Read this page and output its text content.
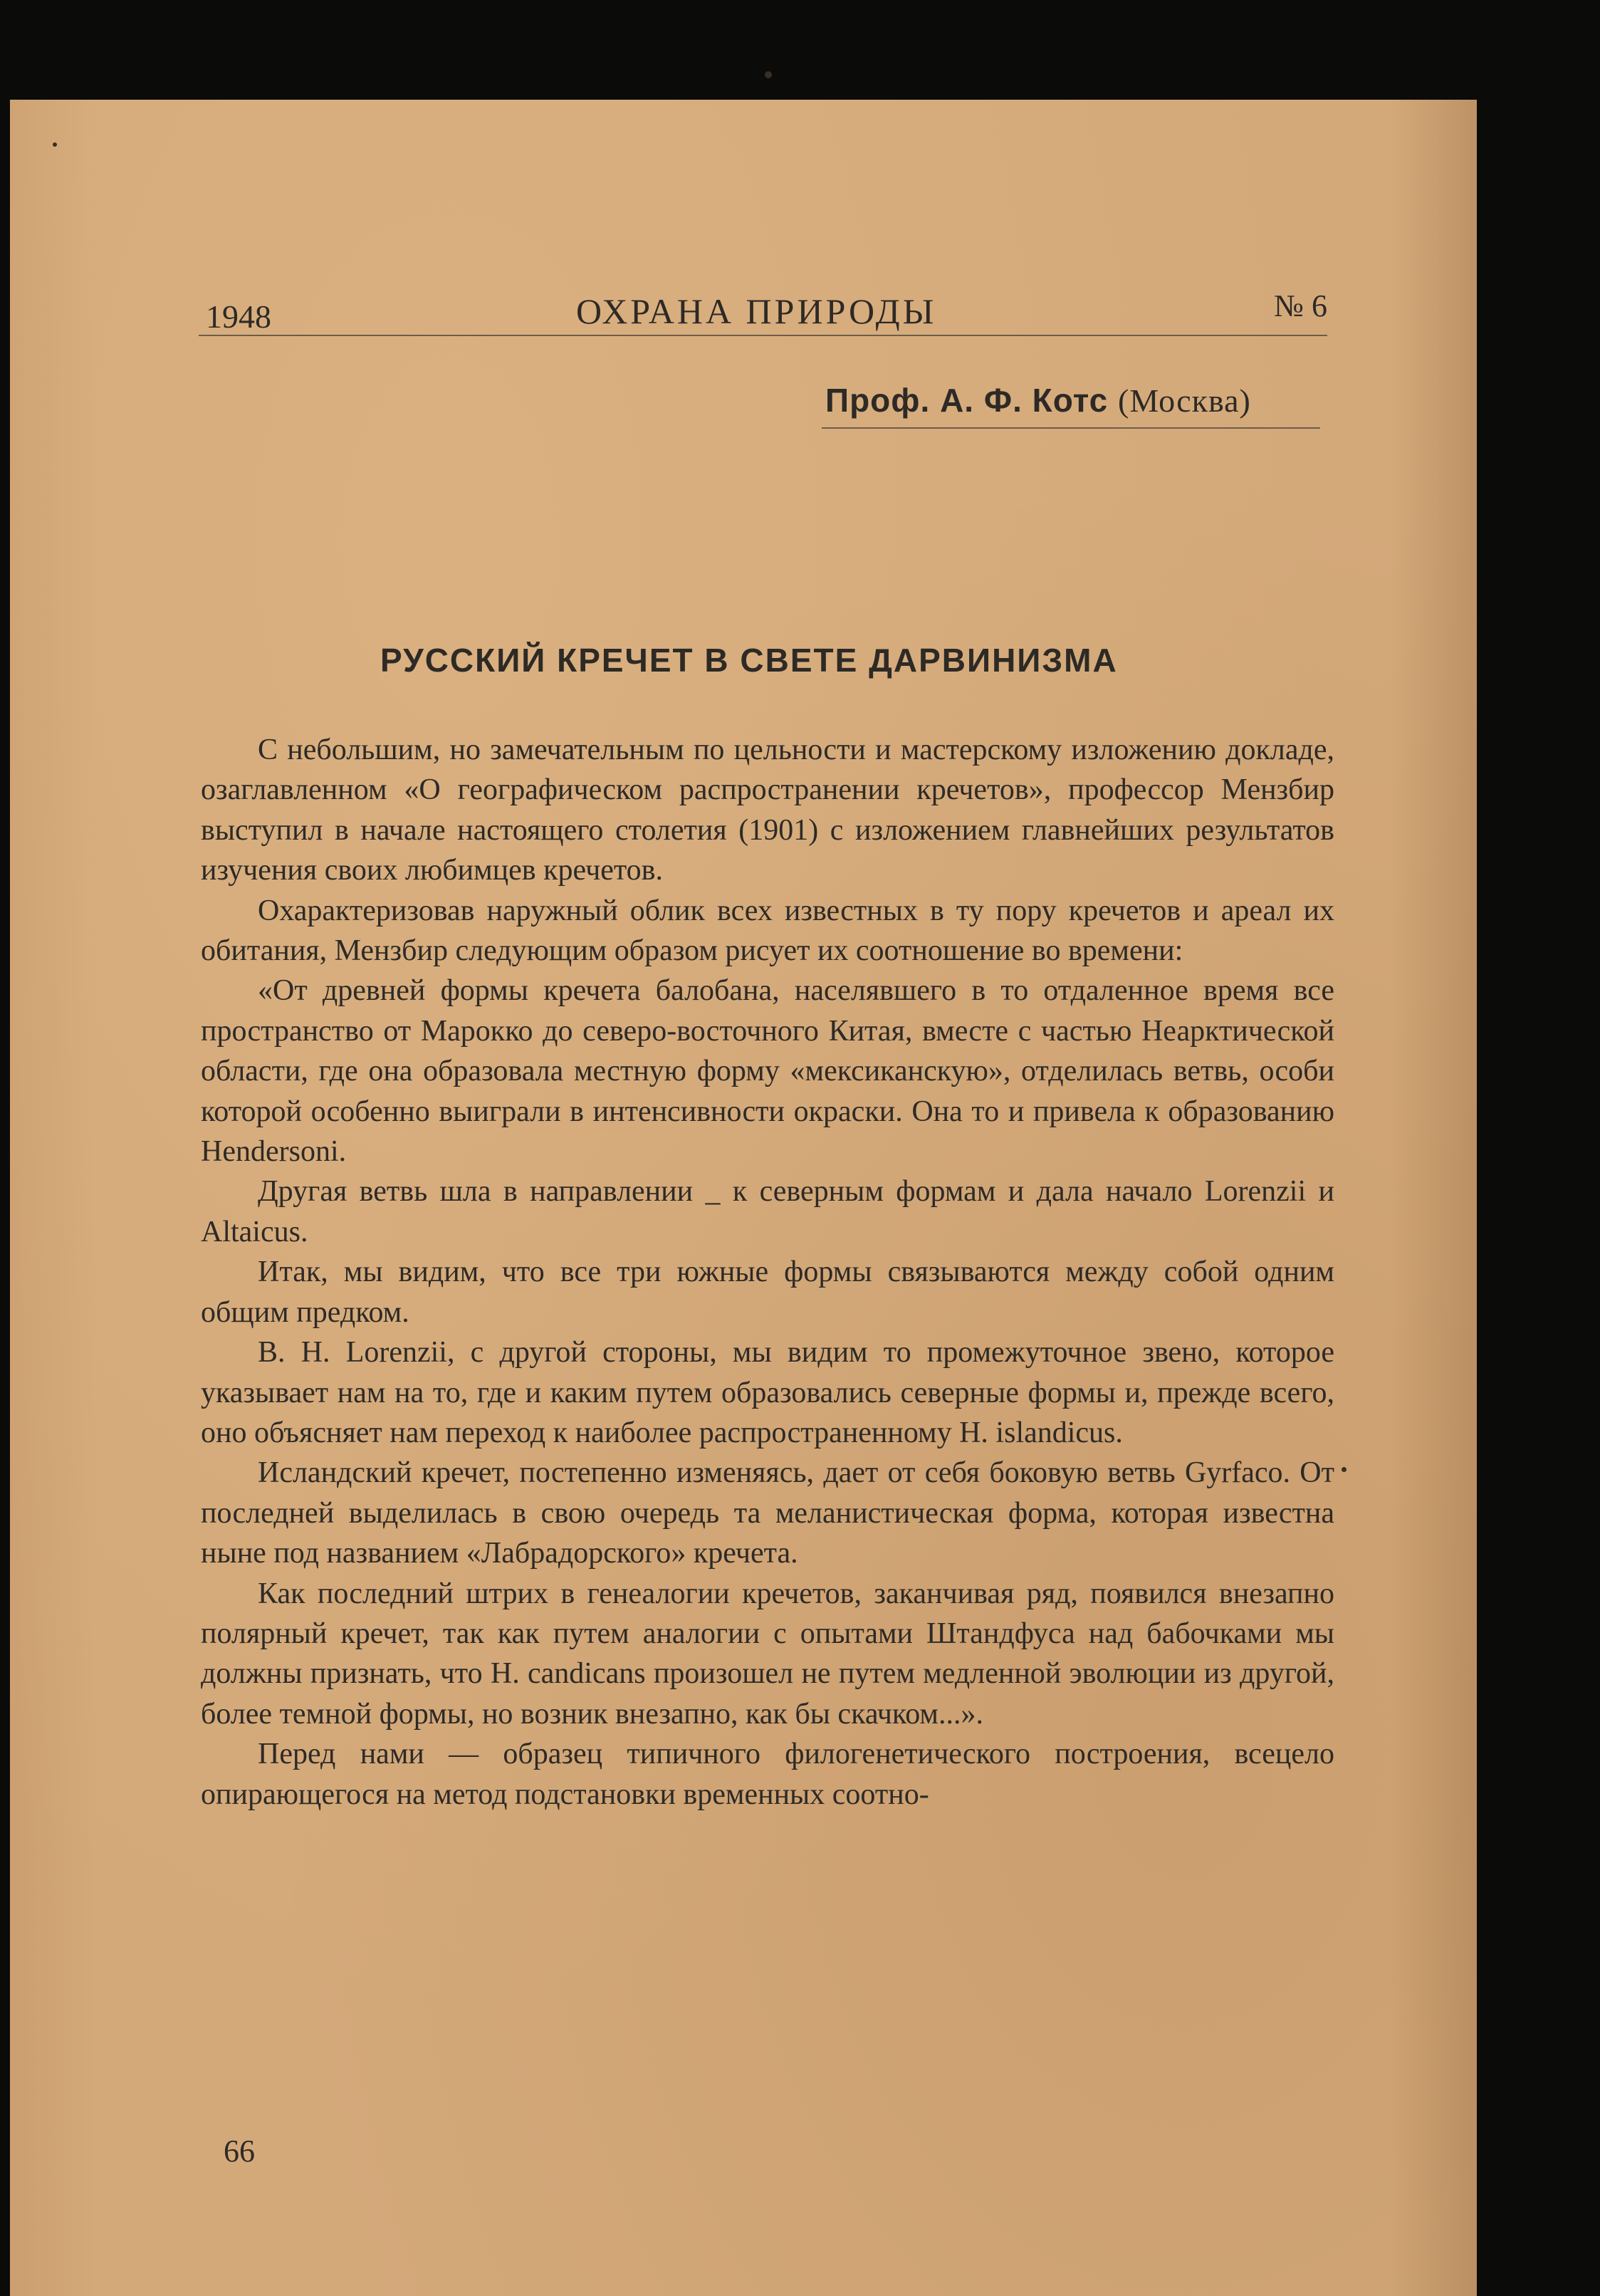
1948	ОХРАНА ПРИРОДЫ	№ 6
Проф. А. Ф. Котс (Москва)
РУССКИЙ КРЕЧЕТ В СВЕТЕ ДАРВИНИЗМА

С небольшим, но замечательным по цельности и мастерскому изложению докладе, озаглавленном «О географическом распространении кречетов», профессор Мензбир выступил в начале настоящего столетия (1901) с изложением главнейших результатов изучения своих любимцев кречетов.

Охарактеризовав наружный облик всех известных в ту пору кречетов и ареал их обитания, Мензбир следующим образом рисует их соотношение во времени:

«От древней формы кречета балобана, населявшего в то отдаленное время все пространство от Марокко до северо-восточного Китая, вместе с частью Неарктической области, где она образовала местную форму «мексиканскую», отделилась ветвь, особи которой особенно выиграли в интенсивности окраски. Она то и привела к образованию Hendersoni.

Другая ветвь шла в направлении _ к северным формам и дала начало Lorenzii и Altaicus.

Итак, мы видим, что все три южные формы связываются между собой одним общим предком.

В. Н. Lorenzii, с другой стороны, мы видим то промежуточное звено, которое указывает нам на то, где и каким путем образовались северные формы и, прежде всего, оно объясняет нам переход к наиболее распространенному H. islandicus.

Исландский кречет, постепенно изменяясь, дает от себя боковую ветвь Gyrfaco. От последней выделилась в свою очередь та меланистическая форма, которая известна ныне под названием «Лабрадорского» кречета.

Как последний штрих в генеалогии кречетов, заканчивая ряд, появился внезапно полярный кречет, так как путем аналогии с опытами Штандфуса над бабочками мы должны признать, что H. candicans произошел не путем медленной эволюции из другой, более темной формы, но возник внезапно, как бы скачком...».

Перед нами — образец типичного филогенетического построения, всецело опирающегося на метод подстановки временных соотно-

66
